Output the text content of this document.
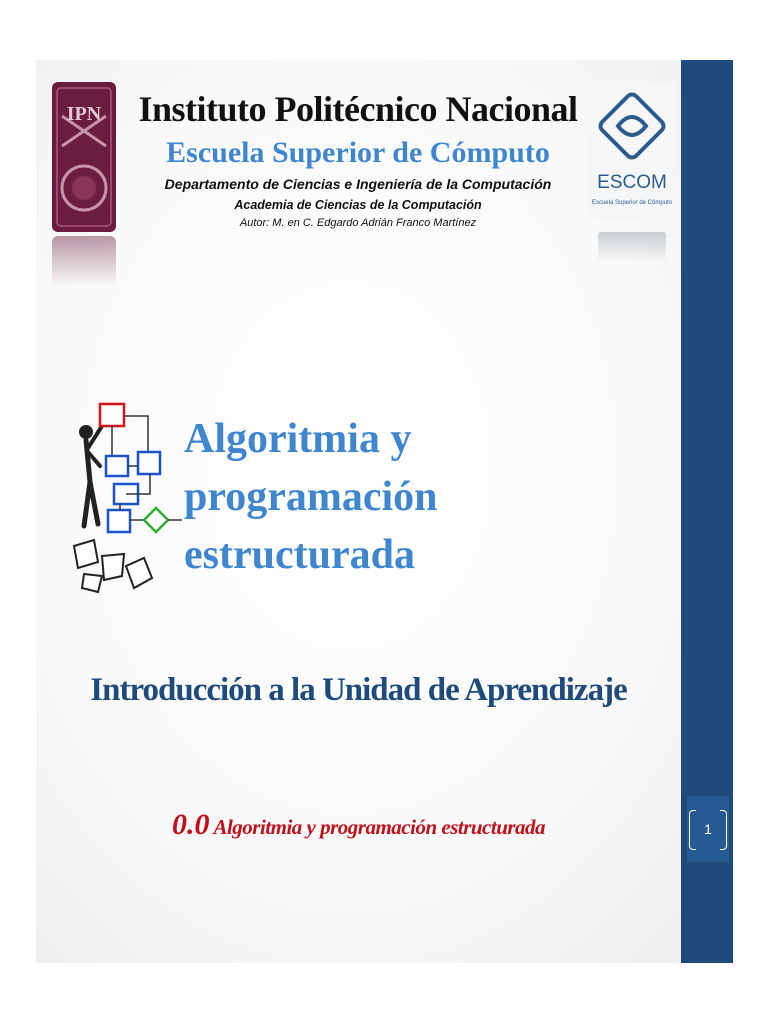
IPN
ESCOM
Escuela Superior de Cómputo
Instituto Politécnico Nacional
Escuela Superior de Cómputo
Departamento de Ciencias e Ingeniería de la Computación
Academia de Ciencias de la Computación
Autor: M. en C. Edgardo Adrián Franco Martínez
Algoritmia y programación
estructurada
Introducción a la Unidad de Aprendizaje
0.0 Algoritmia y programación estructurada	1
